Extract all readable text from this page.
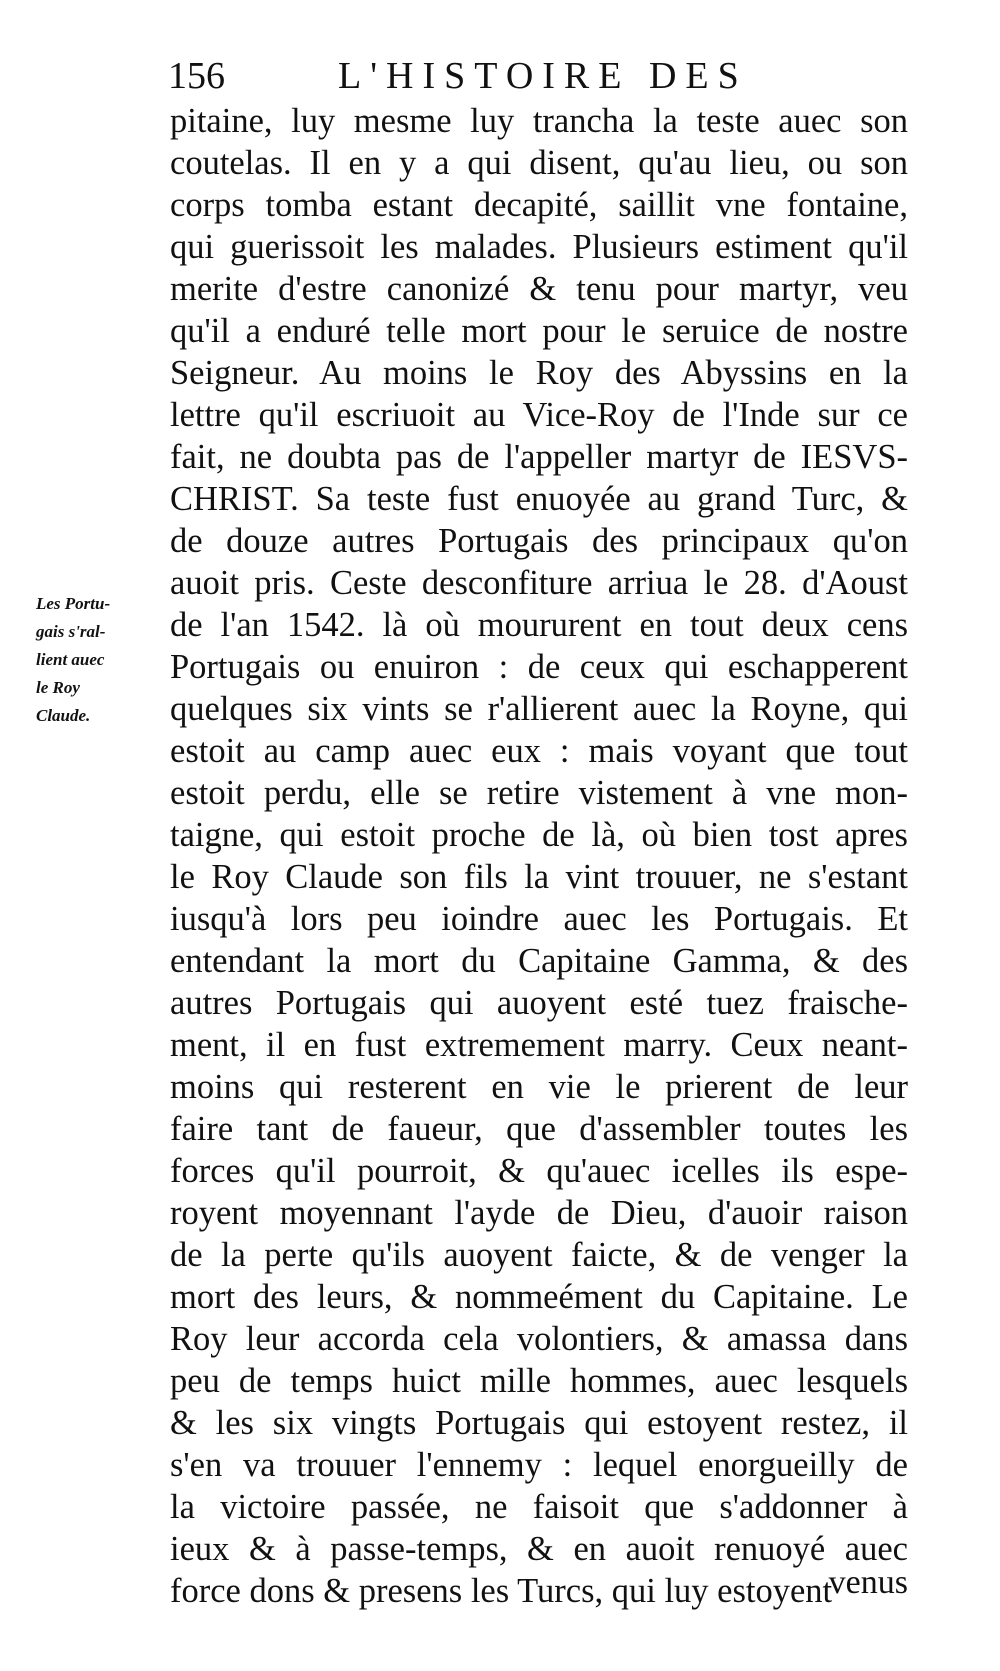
156	L'HISTOIRE DES
Les Portu-
gais s'ral-
lient auec
le Roy
Claude.
pitaine, luy mesme luy trancha la teste auec son
coutelas. Il en y a qui disent, qu'au lieu, ou son
corps tomba estant decapité, saillit vne fontaine,
qui guerissoit les malades. Plusieurs estiment qu'il
merite d'estre canonizé & tenu pour martyr, veu
qu'il a enduré telle mort pour le seruice de nostre
Seigneur. Au moins le Roy des Abyssins en la
lettre qu'il escriuoit au Vice-Roy de l'Inde sur ce
fait, ne doubta pas de l'appeller martyr de IESVS-
CHRIST. Sa teste fust enuoyée au grand Turc, &
de douze autres Portugais des principaux qu'on
auoit pris. Ceste desconfiture arriua le 28. d'Aoust
de l'an 1542. là où moururent en tout deux cens
Portugais ou enuiron : de ceux qui eschapperent
quelques six vints se r'allierent auec la Royne, qui
estoit au camp auec eux : mais voyant que tout
estoit perdu, elle se retire vistement à vne mon-
taigne, qui estoit proche de là, où bien tost apres
le Roy Claude son fils la vint trouuer, ne s'estant
iusqu'à lors peu ioindre auec les Portugais. Et
entendant la mort du Capitaine Gamma, & des
autres Portugais qui auoyent esté tuez fraische-
ment, il en fust extremement marry. Ceux neant-
moins qui resterent en vie le prierent de leur
faire tant de faueur, que d'assembler toutes les
forces qu'il pourroit, & qu'auec icelles ils espe-
royent moyennant l'ayde de Dieu, d'auoir raison
de la perte qu'ils auoyent faicte, & de venger la
mort des leurs, & nommeément du Capitaine. Le
Roy leur accorda cela volontiers, & amassa dans
peu de temps huict mille hommes, auec lesquels
& les six vingts Portugais qui estoyent restez, il
s'en va trouuer l'ennemy : lequel enorgueilly de
la victoire passée, ne faisoit que s'addonner à
ieux & à passe-temps, & en auoit renuoyé auec
force dons & presens les Turcs, qui luy estoyent
venus
